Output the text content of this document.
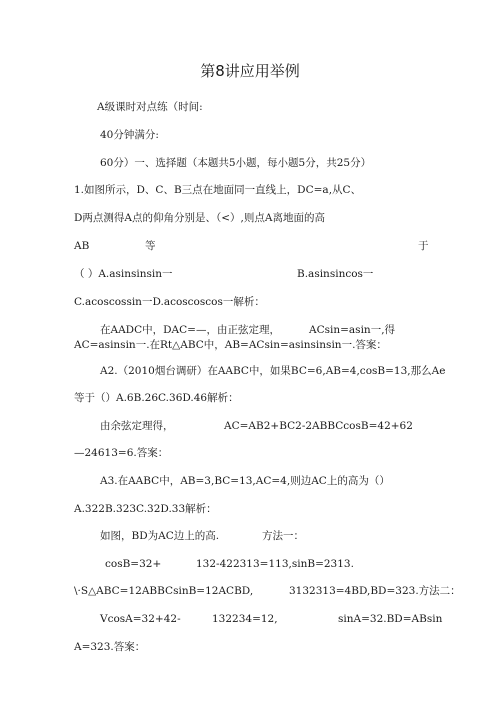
第8讲应用举例
A级课时对点练（时间:
40分钟满分:
60分）一、选择题（本题共5小题，每小题5分，共25分）
1.如图所示，D、C、B三点在地面同一直线上，DC=a,从C、
D两点测得A点的仰角分别是、（<）,则点A离地面的高
AB	等	于
（ ）A.asinsinsin一	B.asinsincos一
C.acoscossin一D.acoscoscos一解析：
在AADC中，DAC=—，由正弦定理，	ACsin=asin一,得
AC=asinsin一.在Rt△ABC中，AB=ACsin=asinsinsin一.答案：
A2.（2010烟台调研）在AABC中，如果BC=6,AB=4,cosB=13,那么Ae
等于（）A.6B.26C.36D.46解析：
由余弦定理得，	AC=AB2+BC2-2ABBCcosB=42+62
—24613=6.答案：
A3.在AABC中，AB=3,BC=13,AC=4,则边AC上的高为（）
A.322B.323C.32D.33解析：
如图，BD为AC边上的高.	方法一：
cosB=32+	132-422313=113,sinB=2313.
\·S△ABC=12ABBCsinB=12ACBD,	3132313=4BD,BD=323.方法二：
VcosA=32+42-	132234=12,	sinA=32.BD=ABsin
A=323.答案：
